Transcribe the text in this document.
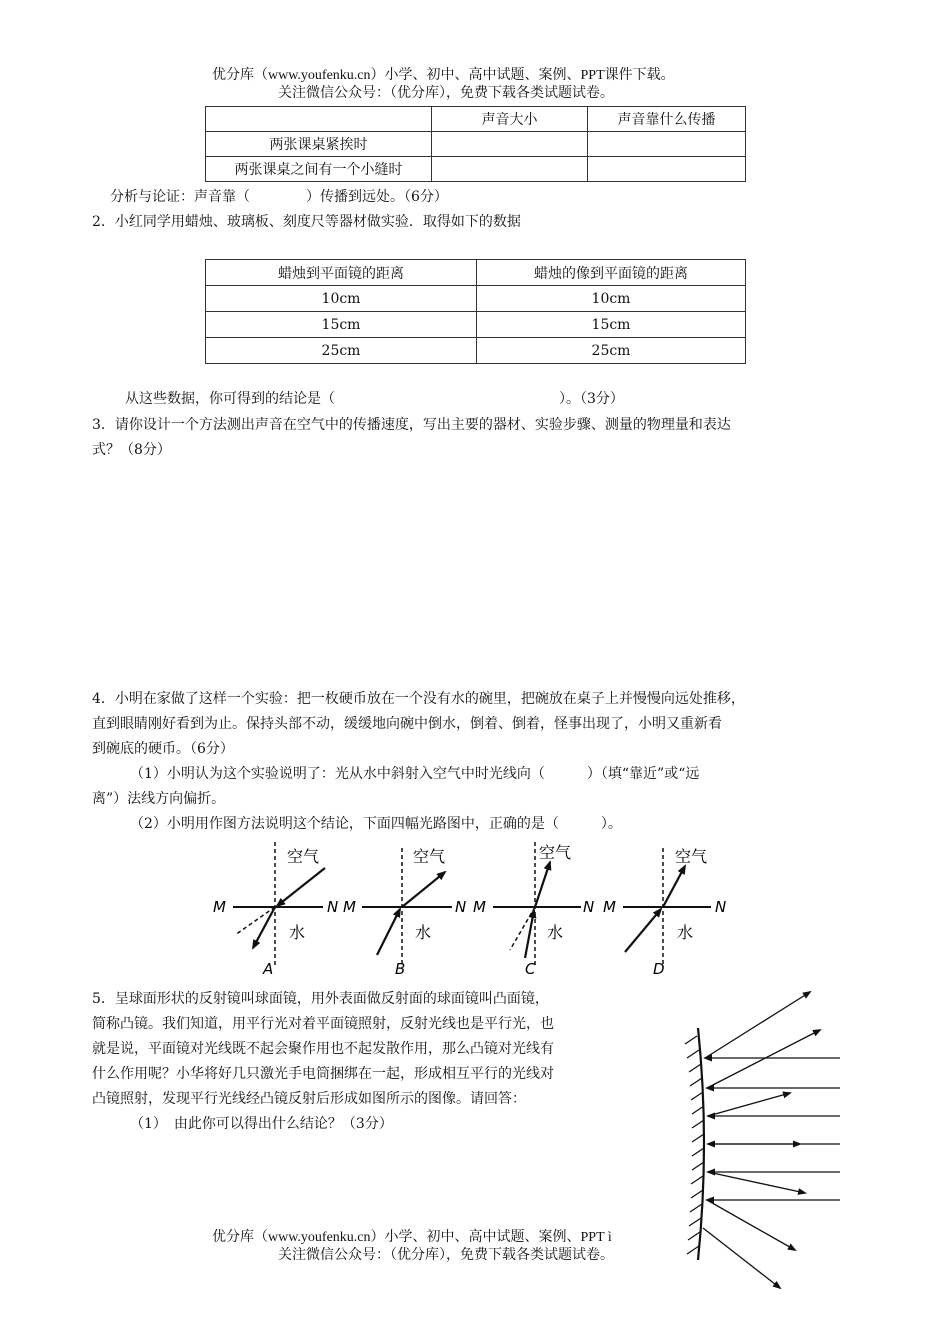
优分库（www.youfenku.cn）小学、初中、高中试题、案例、PPT课件下载。
关注微信公众号：（优分库），免费下载各类试题试卷。
	声音大小	声音靠什么传播
两张课桌紧挨时		
两张课桌之间有一个小缝时		
分析与论证：声音靠（　　　　）传播到远处。（6分）
2．小红同学用蜡烛、玻璃板、刻度尺等器材做实验．取得如下的数据
蜡烛到平面镜的距离	蜡烛的像到平面镜的距离
10cm	10cm
15cm	15cm
25cm	25cm
从这些数据，你可得到的结论是（　　　　　　　　　　　　　　　　）。（3分）
3．请你设计一个方法测出声音在空气中的传播速度，写出主要的器材、实验步骤、测量的物理量和表达
式？（8分）
4．小明在家做了这样一个实验：把一枚硬币放在一个没有水的碗里，把碗放在桌子上并慢慢向远处推移，
直到眼睛刚好看到为止。保持头部不动，缓缓地向碗中倒水，倒着、倒着，怪事出现了，小明又重新看
到碗底的硬币。（6分）
（1）小明认为这个实验说明了：光从水中斜射入空气中时光线向（　　　）（填“靠近”或“远
离”）法线方向偏折。
（2）小明用作图方法说明这个结论，下面四幅光路图中，正确的是（　　　）。
空气
水
M	N
A
空气
水
M	N
B
空气
水
M	N
C
空气
水
M	N
D
5．呈球面形状的反射镜叫球面镜，用外表面做反射面的球面镜叫凸面镜，
简称凸镜。我们知道，用平行光对着平面镜照射，反射光线也是平行光，也
就是说，平面镜对光线既不起会聚作用也不起发散作用，那么凸镜对光线有
什么作用呢？小华将好几只激光手电筒捆绑在一起，形成相互平行的光线对
凸镜照射，发现平行光线经凸镜反射后形成如图所示的图像。请回答：
（1）　由此你可以得出什么结论？（3分）
优分库（www.youfenku.cn）小学、初中、高中试题、案例、PPT ì
关注微信公众号：（优分库），免费下载各类试题试卷。
